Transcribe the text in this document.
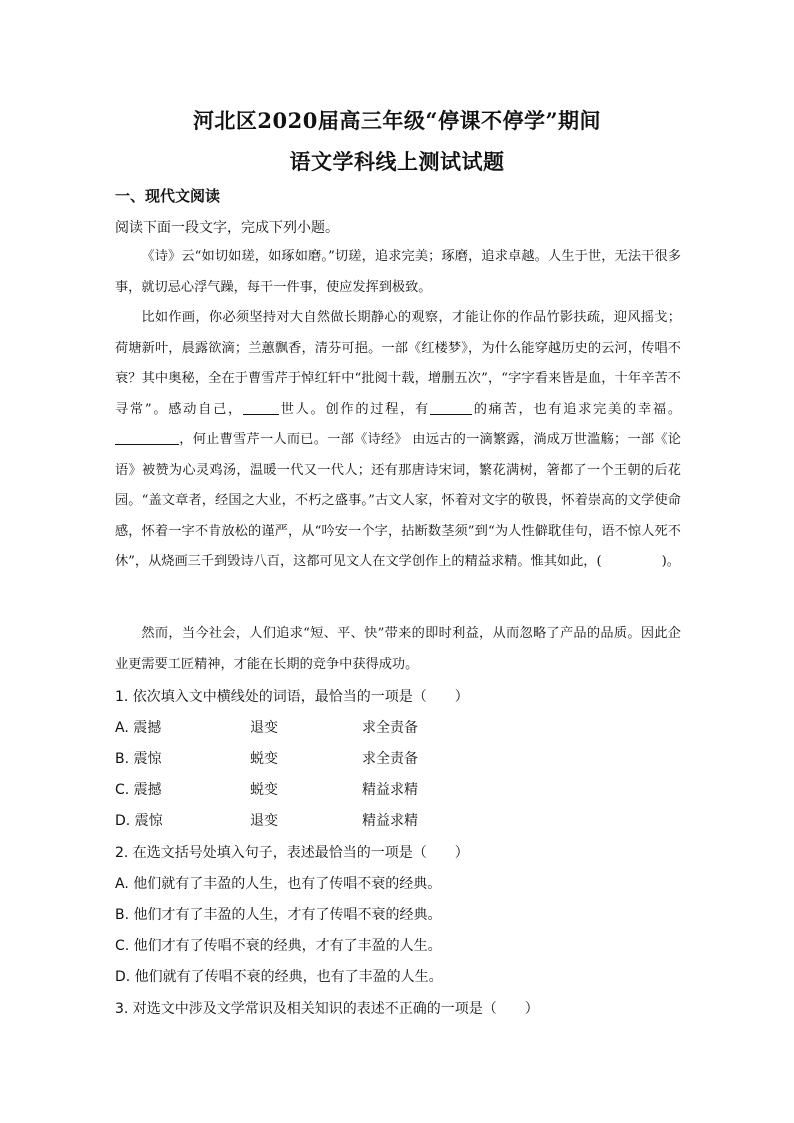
河北区2020届高三年级“停课不停学”期间
语文学科线上测试试题
一、现代文阅读
阅读下面一段文字，完成下列小题。

《诗》云“如切如瑳，如琢如磨。”切瑳，追求完美；琢磨，追求卓越。人生于世，无法干很多事，就切忌心浮气躁，每干一件事，使应发挥到极致。

比如作画，你必须坚持对大自然做长期静心的观察，才能让你的作品竹影扶疏，迎风摇戈；荷塘新叶，晨露欲滴；兰蕙飘香，清芬可挹。一部《红楼梦》，为什么能穿越历史的云河，传唱不衰？其中奥秘，全在于曹雪芹于悼红轩中“批阅十载，增删五次”，“字字看来皆是血，十年辛苦不寻常”。感动自己，	世人。创作的过程，有	的痛苦，也有追求完美的幸福。，何止曹雪芹一人而已。一部《诗经》 由远古的一滴繁露，淌成万世滥觞；一部《论语》被赞为心灵鸡汤，温暖一代又一代人；还有那唐诗宋词，繁花满树，箸都了一个王朝的后花园。“盖文章者，经国之大业，不朽之盛事。”古文人家，怀着对文字的敬畏，怀着崇高的文学使命感，怀着一字不肯放松的谨严，从“吟安一个字，拈断数茎须”到“为人性僻耽佳句，语不惊人死不休”，从烧画三千到毁诗八百，这都可见文人在文学创作上的精益求精。惟其如此，(	)。

然而，当今社会，人们追求“短、平、快”带来的即时利益，从而忽略了产品的品质。因此企业更需要工匠精神，才能在长期的竞争中获得成功。

1. 依次填入文中横线处的词语，最恰当的一项是（　　）
A. 震撼	退变	求全责备
B. 震惊	蜕变	求全责备
C. 震撼	蜕变	精益求精
D. 震惊	退变	精益求精
2. 在选文括号处填入句子，表述最恰当的一项是（　　）
A. 他们就有了丰盈的人生，也有了传唱不衰的经典。
B. 他们才有了丰盈的人生，才有了传唱不衰的经典。
C. 他们才有了传唱不衰的经典，才有了丰盈的人生。
D. 他们就有了传唱不衰的经典，也有了丰盈的人生。
3. 对选文中涉及文学常识及相关知识的表述不正确的一项是（　　）
